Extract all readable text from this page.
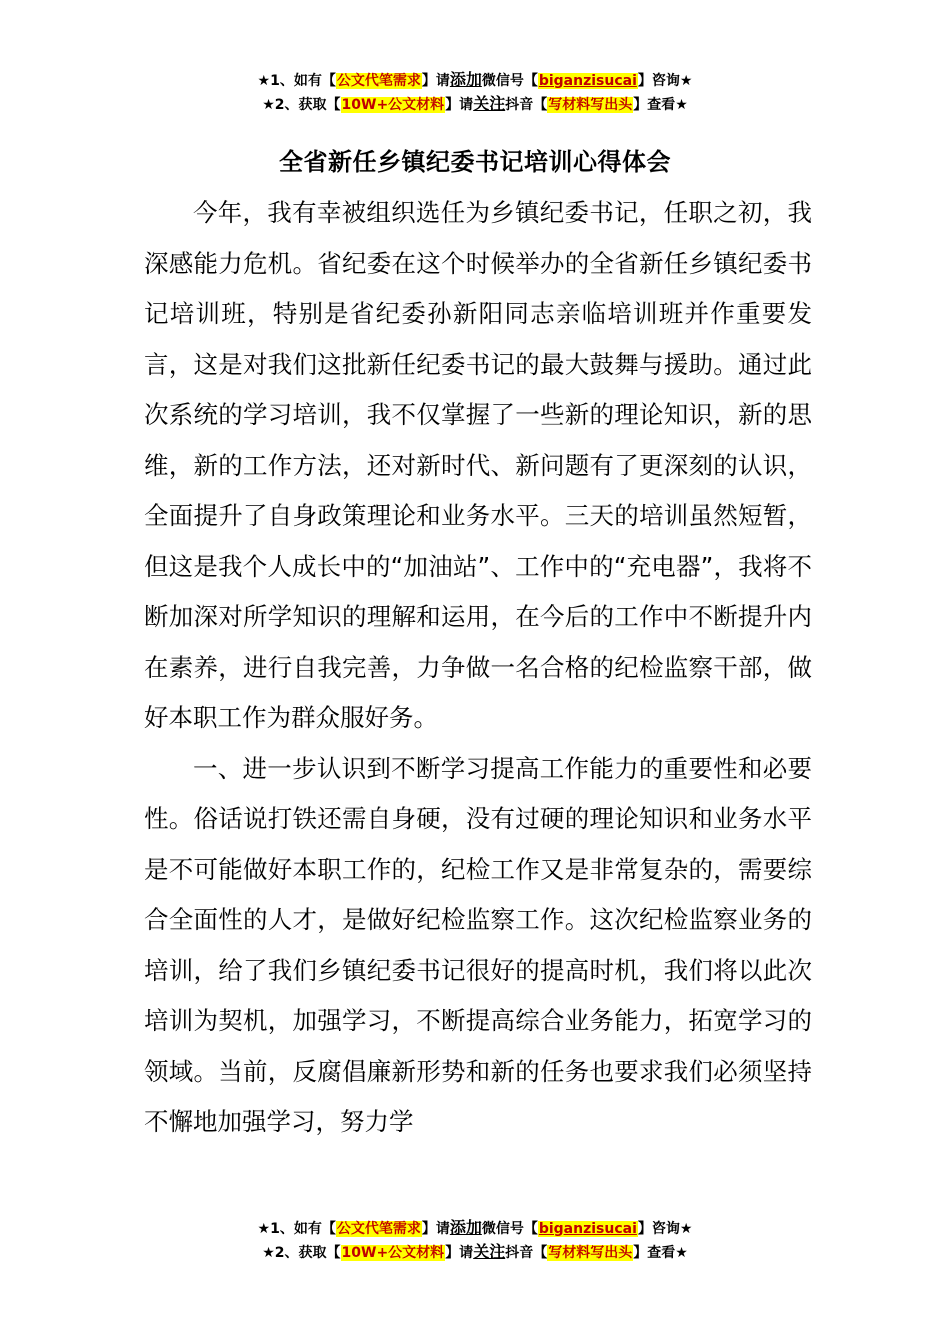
★1、如有【公文代笔需求】请添加微信号【biganzisucai】咨询★
★2、获取【10W+公文材料】请关注抖音【写材料写出头】查看★
全省新任乡镇纪委书记培训心得体会

今年，我有幸被组织选任为乡镇纪委书记，任职之初，我深感能力危机。省纪委在这个时候举办的全省新任乡镇纪委书记培训班，特别是省纪委孙新阳同志亲临培训班并作重要发言，这是对我们这批新任纪委书记的最大鼓舞与援助。通过此次系统的学习培训，我不仅掌握了一些新的理论知识，新的思维，新的工作方法，还对新时代、新问题有了更深刻的认识，全面提升了自身政策理论和业务水平。三天的培训虽然短暂，但这是我个人成长中的“加油站”、工作中的“充电器”，我将不断加深对所学知识的理解和运用，在今后的工作中不断提升内在素养，进行自我完善，力争做一名合格的纪检监察干部，做好本职工作为群众服好务。

一、进一步认识到不断学习提高工作能力的重要性和必要性。俗话说打铁还需自身硬，没有过硬的理论知识和业务水平是不可能做好本职工作的，纪检工作又是非常复杂的，需要综合全面性的人才，是做好纪检监察工作。这次纪检监察业务的培训，给了我们乡镇纪委书记很好的提高时机，我们将以此次培训为契机，加强学习，不断提高综合业务能力，拓宽学习的领域。当前，反腐倡廉新形势和新的任务也要求我们必须坚持不懈地加强学习，努力学

★1、如有【公文代笔需求】请添加微信号【biganzisucai】咨询★
★2、获取【10W+公文材料】请关注抖音【写材料写出头】查看★
